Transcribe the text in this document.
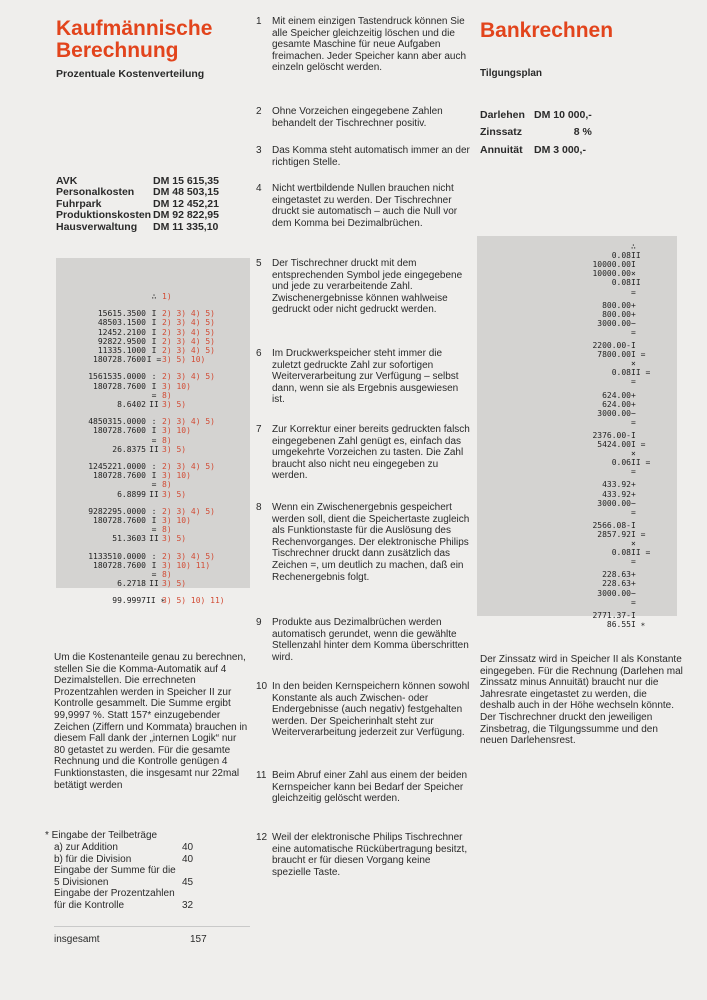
Kaufmännische
Berechnung
Prozentuale Kostenverteilung
AVK	DM 15 615,35
Personalkosten	DM 48 503,15
Fuhrpark	DM 12 452,21
Produktionskosten	DM 92 822,95
Hausverwaltung	DM 11 335,10
∴ 1)
15615.3500 I 2) 3) 4) 5)
48503.1500 I 2) 3) 4) 5)
12452.2100 I 2) 3) 4) 5)
92822.9500 I 2) 3) 4) 5)
11335.1000 I 2) 3) 4) 5)
180728.7600I =3) 5) 10)
1561535.0000 : 2) 3) 4) 5)
180728.7600 I 3) 10)
= 8)
8.6402 II 3) 5)
4850315.0000 : 2) 3) 4) 5)
180728.7600 I 3) 10)
= 8)
26.8375 II 3) 5)
1245221.0000 : 2) 3) 4) 5)
180728.7600 I 3) 10)
= 8)
6.8899 II 3) 5)
9282295.0000 : 2) 3) 4) 5)
180728.7600 I 3) 10)
= 8)
51.3603 II 3) 5)
1133510.0000 : 2) 3) 4) 5)
180728.7600 I 3) 10) 11)
= 8)
6.2718 II 3) 5)
99.9997II ∗3) 5) 10) 11)
Um die Kostenanteile genau zu berechnen, stellen Sie die Komma-Automatik auf 4 Dezimalstellen. Die errechneten Prozentzahlen werden in Speicher II zur Kontrolle gesammelt. Die Summe ergibt 99,9997 %. Statt 157* einzugebender Zeichen (Ziffern und Kommata) brauchen in diesem Fall dank der „internen Logik“ nur 80 getastet zu werden. Für die gesamte Rechnung und die Kontrolle genügen 4 Funktionstasten, die insgesamt nur 22mal betätigt werden
* Eingabe der Teilbeträge
a) zur Addition	40
b) für die Division	40
Eingabe der Summe für die 5 Divisionen	45
Eingabe der Prozentzahlen für die Kontrolle	32
insgesamt	157
1 Mit einem einzigen Tastendruck können Sie alle Speicher gleichzeitig löschen und die gesamte Maschine für neue Aufgaben freimachen. Jeder Speicher kann aber auch einzeln gelöscht werden.
2 Ohne Vorzeichen eingegebene Zahlen behandelt der Tischrechner positiv.
3 Das Komma steht automatisch immer an der richtigen Stelle.
4 Nicht wertbildende Nullen brauchen nicht eingetastet zu werden. Der Tischrechner druckt sie automatisch – auch die Null vor dem Komma bei Dezimalbrüchen.
5 Der Tischrechner druckt mit dem entsprechenden Symbol jede eingegebene und jede zu verarbeitende Zahl. Zwischenergebnisse können wahlweise gedruckt oder nicht gedruckt werden.
6 Im Druckwerkspeicher steht immer die zuletzt gedruckte Zahl zur sofortigen Weiterverarbeitung zur Verfügung – selbst dann, wenn sie als Ergebnis ausgewiesen ist.
7 Zur Korrektur einer bereits gedruckten falsch eingegebenen Zahl genügt es, einfach das umgekehrte Vorzeichen zu tasten. Die Zahl braucht also nicht neu eingegeben zu werden.
8 Wenn ein Zwischenergebnis gespeichert werden soll, dient die Speichertaste zugleich als Funktionstaste für die Auslösung des Rechenvorganges. Der elektronische Philips Tischrechner druckt dann zusätzlich das Zeichen =, um deutlich zu machen, daß ein Rechenergebnis folgt.
9 Produkte aus Dezimalbrüchen werden automatisch gerundet, wenn die gewählte Stellenzahl hinter dem Komma überschritten wird.
10 In den beiden Kernspeichern können sowohl Konstante als auch Zwischen- oder Endergebnisse (auch negativ) festgehalten werden. Der Speicherinhalt steht zur Weiterverarbeitung jederzeit zur Verfügung.
11 Beim Abruf einer Zahl aus einem der beiden Kernspeicher kann bei Bedarf der Speicher gleichzeitig gelöscht werden.
12 Weil der elektronische Philips Tischrechner eine automatische Rückübertragung besitzt, braucht er für diesen Vorgang keine spezielle Taste.
Bankrechnen
Tilgungsplan
Darlehen	DM 10 000,-
Zinssatz	8 %
Annuität	DM 3 000,-
∴
0.08II
10000.00I
10000.00×
0.08II
=
800.00+
800.00+
3000.00−
=
2200.00-I
7800.00I =
×
0.08II =
=
624.00+
624.00+
3000.00−
=
2376.00-I
5424.00I =
×
0.06II =
=
433.92+
433.92+
3000.00−
=
2566.08-I
2857.92I =
×
0.08II =
=
228.63+
228.63+
3000.00−
=
2771.37-I
86.55I ∗
Der Zinssatz wird in Speicher II als Konstante eingegeben. Für die Rechnung (Darlehen mal Zinssatz minus Annuität) braucht nur die Jahresrate eingetastet zu werden, die deshalb auch in der Höhe wechseln könnte. Der Tischrechner druckt den jeweiligen Zinsbetrag, die Tilgungssumme und den neuen Darlehensrest.
